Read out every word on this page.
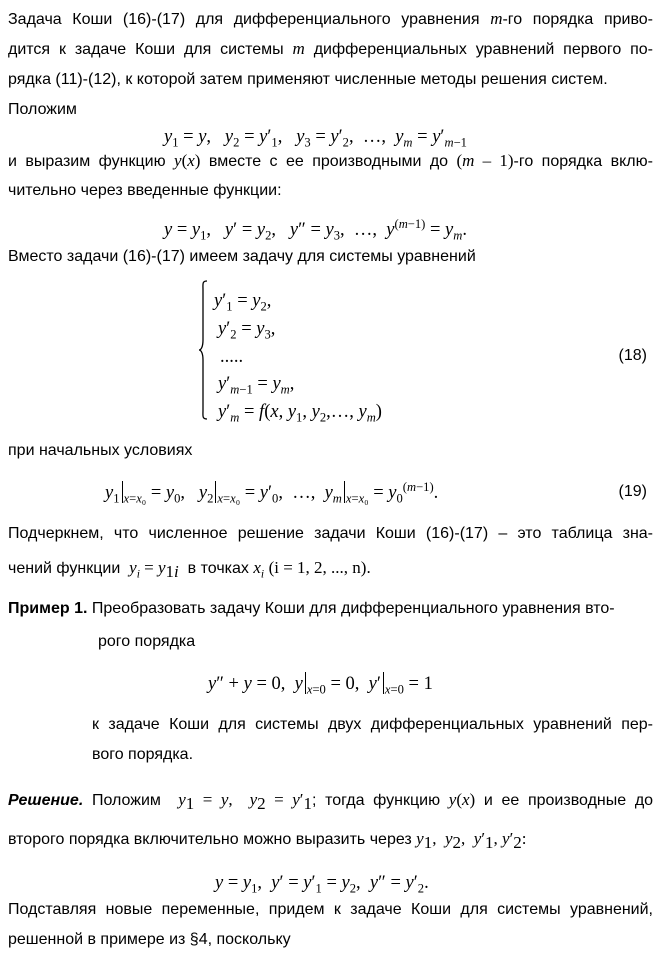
Задача Коши (16)-(17) для дифференциального уравнения m-го порядка приво-
дится к задаче Коши для системы m дифференциальных уравнений первого по-
рядка (11)-(12), к которой затем применяют численные методы решения систем.
Положим
$y_1 = y$,   $y_2 = y'_1$,   $y_3 = y'_2$,  …,  $y_m = y'_{m-1}$
и выразим функцию y(x) вместе с ее производными до (m – 1)-го порядка вклю-
чительно через введенные функции:
$y = y_1$,   $y' = y_2$,   $y'' = y_3$,  …,  $y^{(m-1)} = y_m$.
Вместо задачи (16)-(17) имеем задачу для системы уравнений
$y'_1 = y_2$,
$y'_2 = y_3$,
.....
$y'_{m-1} = y_m$,
$y'_m = f(x$, $y_1$, $y_2,\dots$, $y_m$)
(18)
при начальных условиях
$y_1$ $_{x=x_0} = y_0$,   $y_2$ $_{x=x_0} = y'_0$,  …,  $y_m$ $_{x=x_0} = y_0^{(m-1)}$.	(19)
Подчеркнем, что численное решение задачи Коши (16)-(17) – это таблица зна-
чений функции $y_i = y_{1i}$ в точках $x_i$ (i = 1, 2, ..., n).
Пример 1. Преобразовать задачу Коши для дифференциального уравнения вто-
рого порядка
y″ + y = 0,  y $_{x=0}$ = 0,  y′ $_{x=0}$ = 1
к задаче Коши для системы двух дифференциальных уравнений пер-
вого порядка.
Решение. Положим $y_1 = y$,  $y_2 = y'_1$; тогда функцию y(x) и ее производные до
второго порядка включительно можно выразить через $y_1$,  $y_2$,  $y'_1$, $y'_2$:
$y = y_1$,  $y' = y'_1 = y_2$,  $y'' = y'_2$.
Подставляя новые переменные, придем к задаче Коши для системы уравнений,
решенной в примере из §4, поскольку
